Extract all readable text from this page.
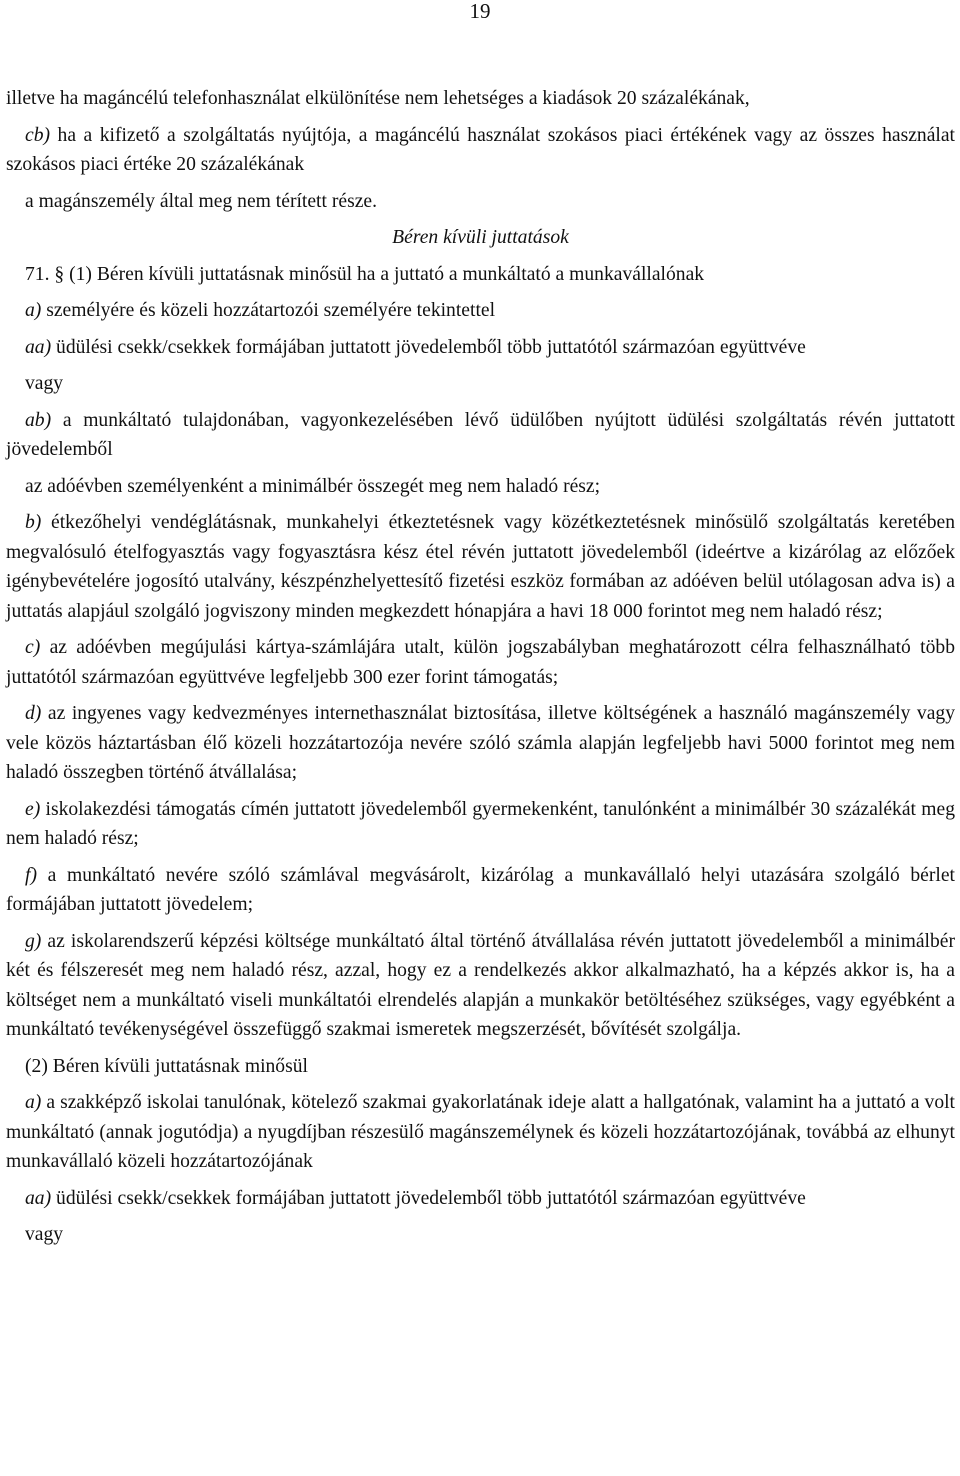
19

illetve ha magáncélú telefonhasználat elkülönítése nem lehetséges a kiadások 20 százalékának,

cb) ha a kifizető a szolgáltatás nyújtója, a magáncélú használat szokásos piaci értékének vagy az összes használat szokásos piaci értéke 20 százalékának

a magánszemély által meg nem térített része.

Béren kívüli juttatások

71. § (1) Béren kívüli juttatásnak minősül ha a juttató a munkáltató a munkavállalónak

a) személyére és közeli hozzátartozói személyére tekintettel

aa) üdülési csekk/csekkek formájában juttatott jövedelemből több juttatótól származóan együttvéve

vagy

ab) a munkáltató tulajdonában, vagyonkezelésében lévő üdülőben nyújtott üdülési szolgáltatás révén juttatott jövedelemből

az adóévben személyenként a minimálbér összegét meg nem haladó rész;

b) étkezőhelyi vendéglátásnak, munkahelyi étkeztetésnek vagy közétkeztetésnek minősülő szolgáltatás keretében megvalósuló ételfogyasztás vagy fogyasztásra kész étel révén juttatott jövedelemből (ideértve a kizárólag az előzőek igénybevételére jogosító utalvány, készpénzhelyettesítő fizetési eszköz formában az adóéven belül utólagosan adva is) a juttatás alapjául szolgáló jogviszony minden megkezdett hónapjára a havi 18 000 forintot meg nem haladó rész;

c) az adóévben megújulási kártya-számlájára utalt, külön jogszabályban meghatározott célra felhasználható több juttatótól származóan együttvéve legfeljebb 300 ezer forint támogatás;

d) az ingyenes vagy kedvezményes internethasználat biztosítása, illetve költségének a használó magánszemély vagy vele közös háztartásban élő közeli hozzátartozója nevére szóló számla alapján legfeljebb havi 5000 forintot meg nem haladó összegben történő átvállalása;

e) iskolakezdési támogatás címén juttatott jövedelemből gyermekenként, tanulónként a minimálbér 30 százalékát meg nem haladó rész;

f) a munkáltató nevére szóló számlával megvásárolt, kizárólag a munkavállaló helyi utazására szolgáló bérlet formájában juttatott jövedelem;

g) az iskolarendszerű képzési költsége munkáltató által történő átvállalása révén juttatott jövedelemből a minimálbér két és félszeresét meg nem haladó rész, azzal, hogy ez a rendelkezés akkor alkalmazható, ha a képzés akkor is, ha a költséget nem a munkáltató viseli munkáltatói elrendelés alapján a munkakör betöltéséhez szükséges, vagy egyébként a munkáltató tevékenységével összefüggő szakmai ismeretek megszerzését, bővítését szolgálja.

(2) Béren kívüli juttatásnak minősül

a) a szakképző iskolai tanulónak, kötelező szakmai gyakorlatának ideje alatt a hallgatónak, valamint ha a juttató a volt munkáltató (annak jogutódja) a nyugdíjban részesülő magánszemélynek és közeli hozzátartozójának, továbbá az elhunyt munkavállaló közeli hozzátartozójának

aa) üdülési csekk/csekkek formájában juttatott jövedelemből több juttatótól származóan együttvéve

vagy
